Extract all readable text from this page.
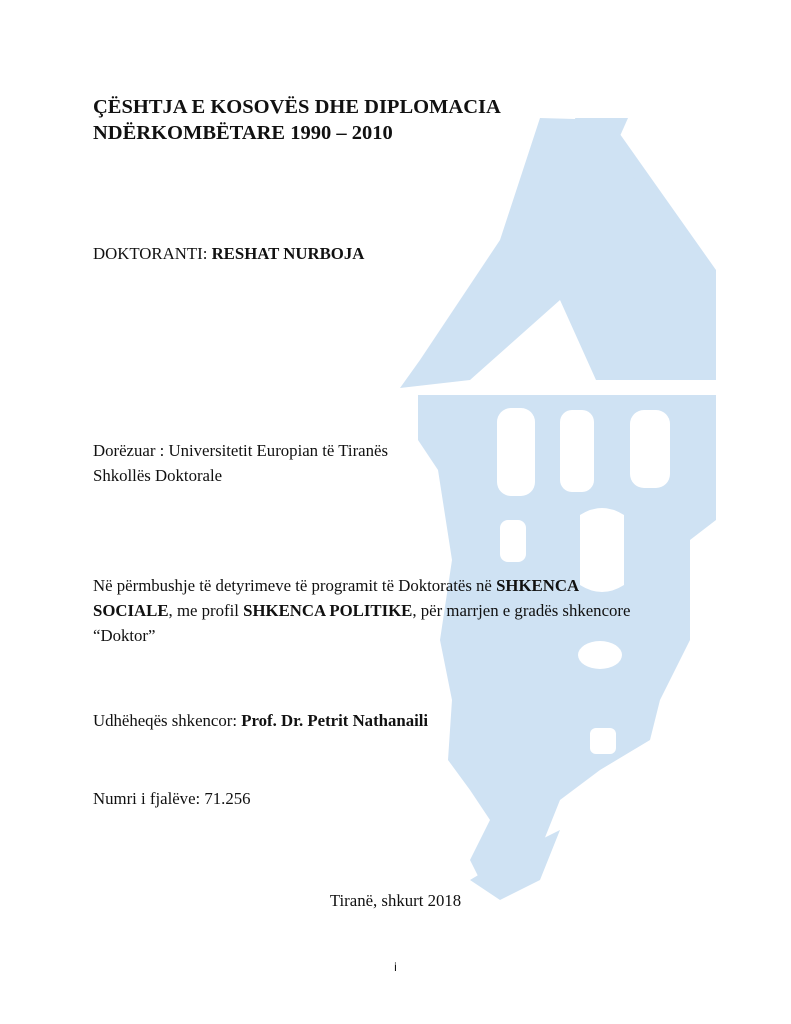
ÇËSHTJA E KOSOVËS DHE DIPLOMACIA
NDËRKOMBËTARE 1990 – 2010

DOKTORANTI: RESHAT NURBOJA

Dorëzuar : Universitetit Europian të Tiranës

Shkollës Doktorale

Në përmbushje të detyrimeve të programit të Doktoratës në SHKENCA
SOCIALE, me profil SHKENCA POLITIKE, për marrjen e gradës shkencore
“Doktor”

Udhëheqës shkencor: Prof. Dr. Petrit Nathanaili

Numri i fjalëve: 71.256

Tiranë, shkurt 2018

i
